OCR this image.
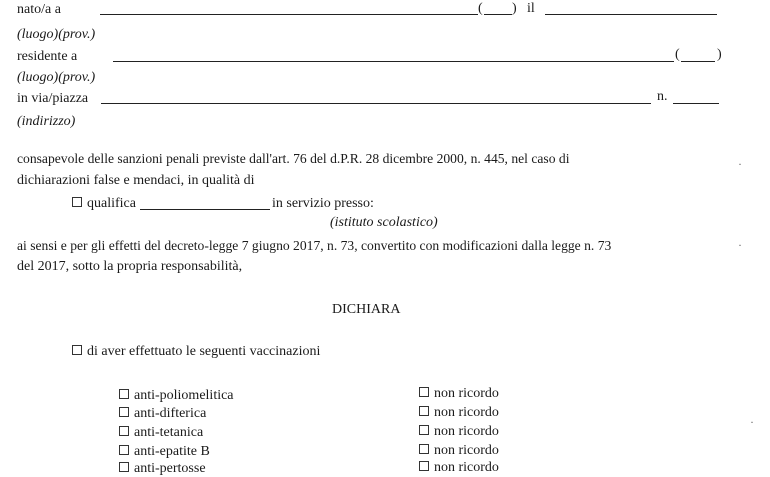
nato/a a	( ) il
(luogo)(prov.)
residente a	(	)
(luogo)(prov.)
in via/piazza	n.
(indirizzo)
consapevole delle sanzioni penali previste dall'art. 76 del d.P.R. 28 dicembre 2000, n. 445, nel caso di
dichiarazioni false e mendaci, in qualità di
qualifica	in servizio presso:
(istituto scolastico)
ai sensi e per gli effetti del decreto-legge 7 giugno 2017, n. 73, convertito con modificazioni dalla legge n. 73
del 2017, sotto la propria responsabilità,
DICHIARA
di aver effettuato le seguenti vaccinazioni
anti-poliomelitica	non ricordo
anti-difterica	non ricordo
anti-tetanica	non ricordo
anti-epatite B	non ricordo
anti-pertosse	non ricordo
·
·
·
